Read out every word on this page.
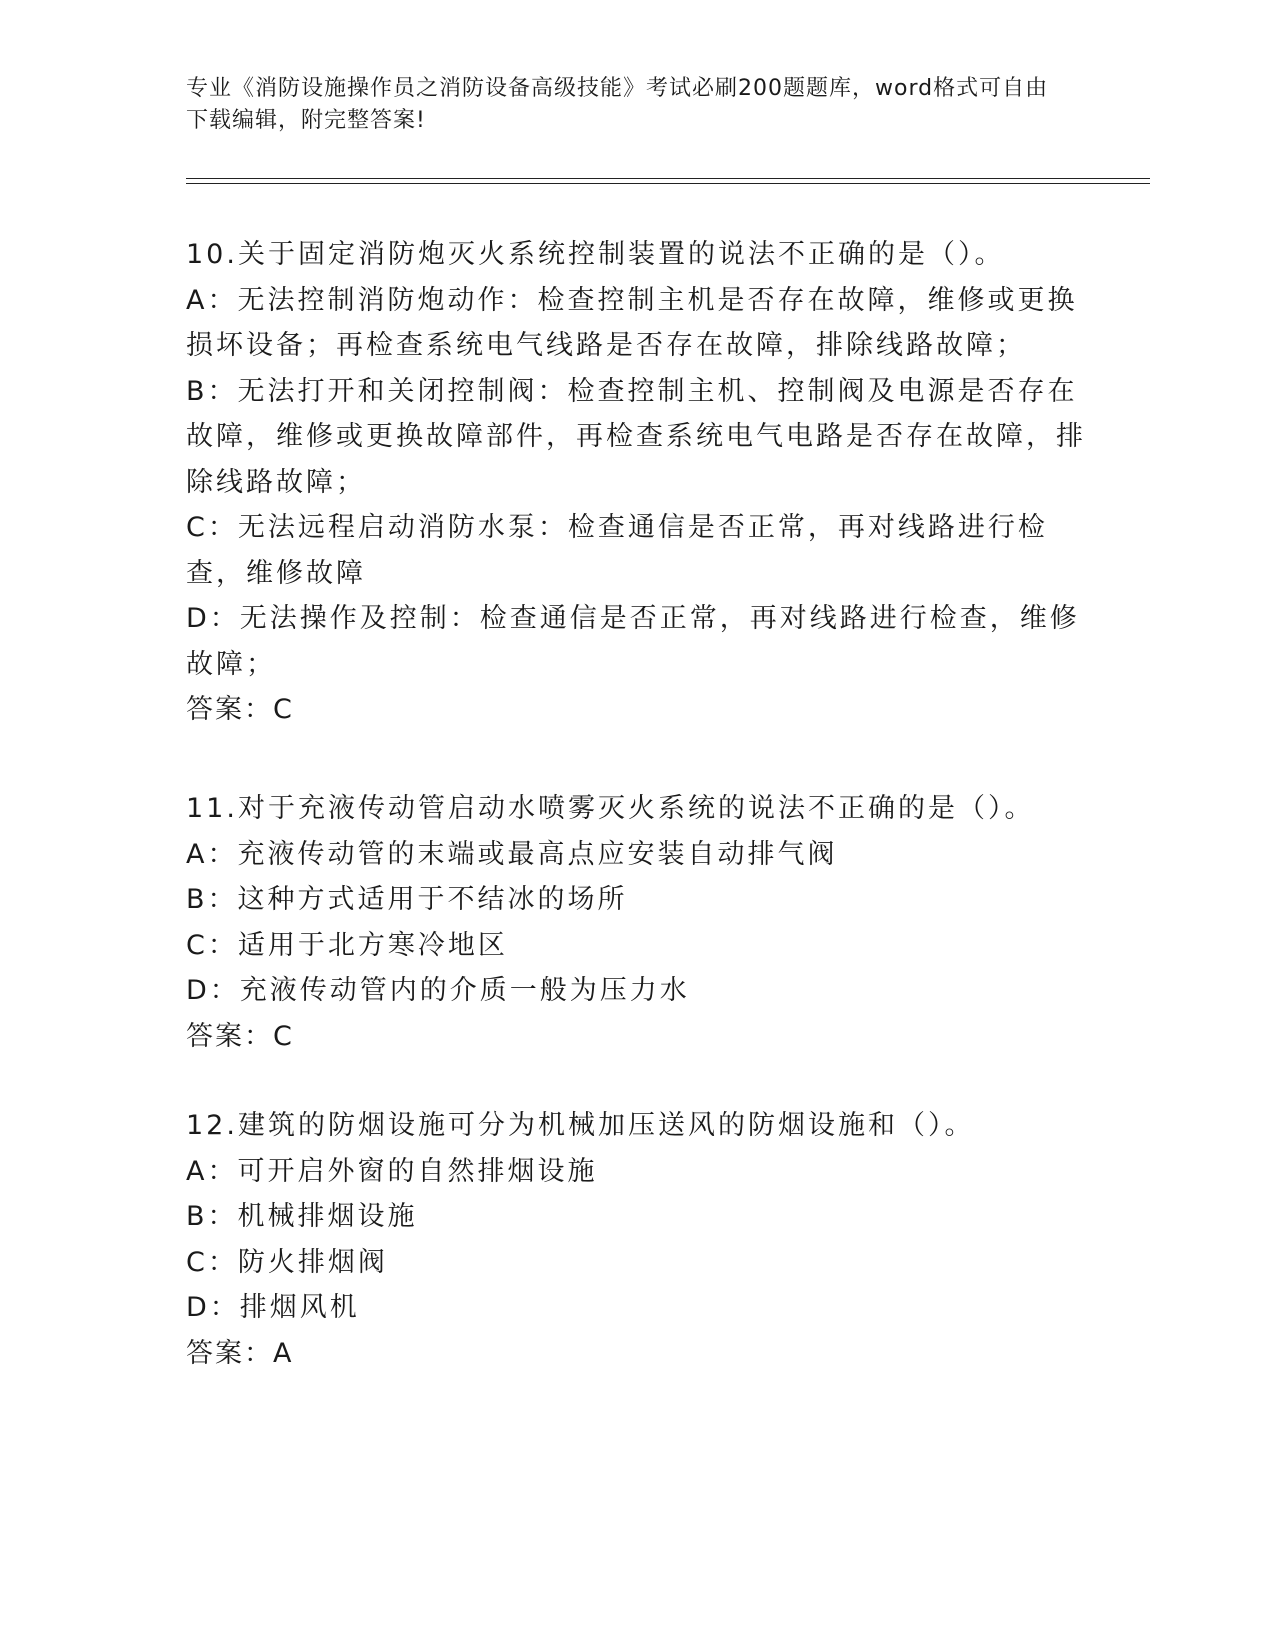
专业《消防设施操作员之消防设备高级技能》考试必刷200题题库，word格式可自由下载编辑，附完整答案!

10.关于固定消防炮灭火系统控制装置的说法不正确的是（）。

A：无法控制消防炮动作：检查控制主机是否存在故障，维修或更换损坏设备；再检查系统电气线路是否存在故障，排除线路故障；

B：无法打开和关闭控制阀：检查控制主机、控制阀及电源是否存在故障，维修或更换故障部件，再检查系统电气电路是否存在故障，排除线路故障；

C：无法远程启动消防水泵：检查通信是否正常，再对线路进行检查，维修故障

D：无法操作及控制：检查通信是否正常，再对线路进行检查，维修故障；

答案：C

11.对于充液传动管启动水喷雾灭火系统的说法不正确的是（）。

A：充液传动管的末端或最高点应安装自动排气阀

B：这种方式适用于不结冰的场所

C：适用于北方寒冷地区

D：充液传动管内的介质一般为压力水

答案：C

12.建筑的防烟设施可分为机械加压送风的防烟设施和（）。

A：可开启外窗的自然排烟设施

B：机械排烟设施

C：防火排烟阀

D：排烟风机

答案：A
